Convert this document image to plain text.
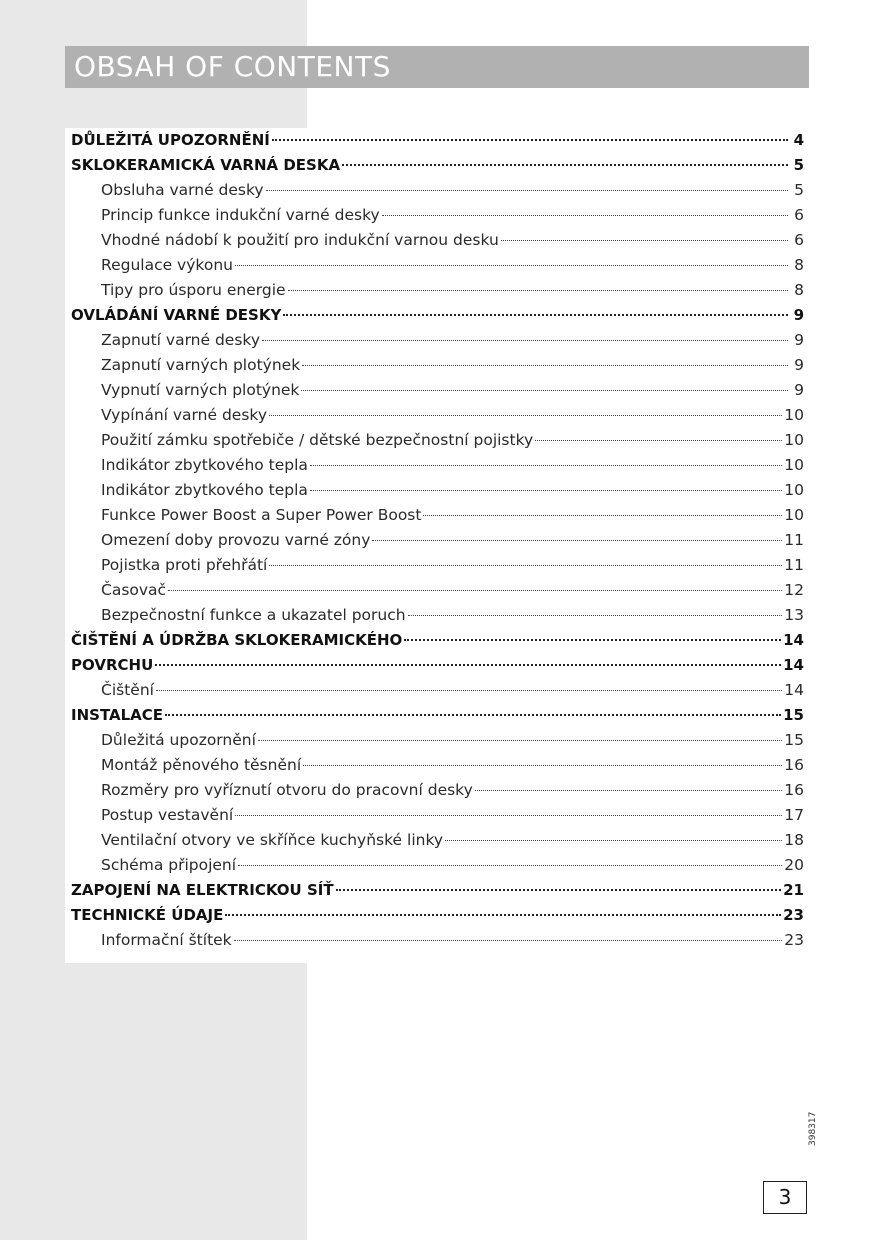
OBSAH OF CONTENTS
DŮLEŽITÁ UPOZORNĚNÍ	4
SKLOKERAMICKÁ VARNÁ DESKA	5
Obsluha varné desky	5
Princip funkce indukční varné desky	6
Vhodné nádobí k použití pro indukční varnou desku	6
Regulace výkonu	8
Tipy pro úsporu energie	8
OVLÁDÁNÍ VARNÉ DESKY	9
Zapnutí varné desky	9
Zapnutí varných plotýnek	9
Vypnutí varných plotýnek	9
Vypínání varné desky	10
Použití zámku spotřebiče / dětské bezpečnostní pojistky	10
Indikátor zbytkového tepla	10
Indikátor zbytkového tepla	10
Funkce Power Boost a Super Power Boost	10
Omezení doby provozu varné zóny	11
Pojistka proti přehřátí	11
Časovač	12
Bezpečnostní funkce a ukazatel poruch	13
ČIŠTĚNÍ A ÚDRŽBA SKLOKERAMICKÉHO	14
POVRCHU	14
Čištění	14
INSTALACE	15
Důležitá upozornění	15
Montáž pěnového těsnění	16
Rozměry pro vyříznutí otvoru do pracovní desky	16
Postup vestavění	17
Ventilační otvory ve skříňce kuchyňské linky	18
Schéma připojení	20
ZAPOJENÍ NA ELEKTRICKOU SÍŤ	21
TECHNICKÉ ÚDAJE	23
Informační štítek	23
398317
3
